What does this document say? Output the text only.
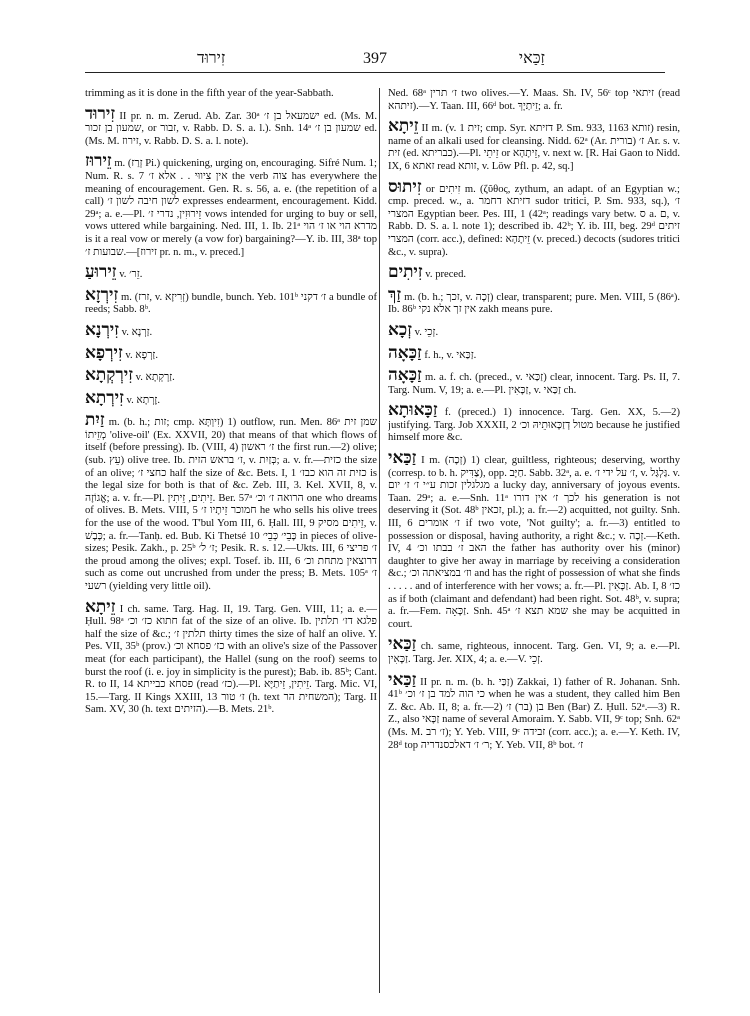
זִירוּד	397	זַכַּאי
trimming as it is done in the fifth year of the year-Sabbath.
זִירוּד II pr. n. m. Zerud. Ab. Zar. 30ᵃ ישמעאל בן ז׳ ed. (Ms. M. שמעון בן זכור, or זבור, v. Rabb. D. S. a. l.). Snh. 14ᵃ שמעון בן ז׳ ed. (Ms. M. זירוז, v. Rabb. D. S. a. l. note).
זֵירוּז m. (זְרַז Pi.) quickening, urging on, encouraging. Sifré Num. 1; Num. R. s. 7 אין צִיווּי . . אלא ז׳ the verb צוה has everywhere the meaning of encouragement. Gen. R. s. 56, a. e. (the repetition of a call) לשון חיבה לשון ז׳ expresses endearment, encouragement. Kidd. 29ᵃ; a. e.—Pl. זֵירוּזִין, נדרי ז׳ vows intended for urging to buy or sell, vows uttered while bargaining. Ned. III, 1. Ib. 21ᵃ מדרא הוי או ז׳ הוי is it a real vow or merely (a vow for) bargaining?—Y. ib. III, 38ᵃ top שבועות ז׳.—[זירוז pr. n. m., v. preced.]
זֵירוּעַ v. זֵר׳.
זִירְזָא m. (זרז, v. זְרִיזָא) bundle, bunch. Yeb. 101ᵇ ז׳ דקני a bundle of reeds; Sabb. 8ᵇ.
זִירְנָא v. זַרְנָא.
זִירְפָא v. זַרְפָא.
זִירְקְתָא v. זַרְקְתָא.
זִירְתָא v. זֶרְתָא.
זַיִת m. (b. h.; זות; cmp. זִיוְתָּא) 1) outflow, run. Men. 86ᵃ שמן זית מְזֵיתוֹ 'olive-oil' (Ex. XXVII, 20) that means of that which flows of itself (before pressing). Ib. (VIII, 4) ז׳ ראשון the first run.—2) olive; (sub. עֵץ) olive tree. Ib. ז׳ בראש הזית, v. כְּזַיִת; a. v. fr.—כזית the size of an olive; כחצי ז׳ half the size of &c. Bets. I, 1 כזית זה הוא כבז׳ is the legal size for both is that of &c. Zeb. III, 3. Kel. XVII, 8, v. אֱגוֹזָה; a. v. fr.—Pl. זֵיתִים, זֵיתִין. Ber. 57ᵃ הרואה ז׳ וכ׳ one who dreams of olives. B. Mets. VIII, 5 חמוכר זֵיתָיו ז׳ he who sells his olive trees for the use of the wood. T'bul Yom III, 6. Ḥall. III, 9 זֵיתִים מסיק, v. כָּבָשׁ; a. fr.—Tanḥ. ed. Bub. Ki Thetsé 10 כָּבֵי׳ כְּבֵי׳ in pieces of olive-sizes; Pesik. Zakh., p. 25ᵇ ז׳ ל׳; Pesik. R. s. 12.—Ukts. III, 6 ז׳ פריצי the proud among the olives; expl. Tosef. ib. III, 6 דרוצאין מתחת וכ׳ such as come out uncrushed from under the press; B. Mets. 105ᵃ ז׳ רשעי (yielding very little oil).
זֵיתָא I ch. same. Targ. Hag. II, 19. Targ. Gen. VIII, 11; a. e.—Ḥull. 98ᵃ חתוא כז׳ וכ׳ fat of the size of an olive. Ib. פלגא דז׳ תלתין half the size of &c.; תלתין ז׳ thirty times the size of half an olive. Y. Pes. VII, 35ᵇ (prov.) כז׳ פסחא וכ׳ with an olive's size of the Passover meat (for each participant), the Hallel (sung on the roof) seems to burst the roof (i. e. joy in simplicity is the purest); Bab. ib. 85ᵇ; Cant. R. to II, 14 פסחא כבייתא (read כז׳).—Pl. זֵיתִין, זֵיתַיָּא. Targ. Mic. VI, 15.—Targ. II Kings XXIII, 13 ז׳ טור (h. text המשחית הר); Targ. II Sam. XV, 30 (h. text הזיתים).—B. Mets. 21ᵇ.
Ned. 68ᵃ ז׳ תרין two olives.—Y. Maas. Sh. IV, 56ᶜ top זיתאי (read זיתהא).—Y. Taan. III, 66ᵈ bot. זֵיתַיָךְ; a. fr.
זֵיתָא II m. (v. זית 1; cmp. Syr. דזיתא P. Sm. 933, זותא 1163) resin, name of an alkali used for cleansing. Nidd. 62ᵃ (Ar. בורית) ז׳ Ar. s. v. זית (ed. כבריתא).—Pl. זֵיתֵי or זֵיתָהָא, v. next w. [R. Hai Gaon to Nidd. IX, 6 זאתא read זותא, v. Löw Pfl. p. 42, sq.]
זִיתוּס or זִיתִים m. (ζῦθος, zythum, an adapt. of an Egyptian w.; cmp. preced. w., a. דזיתא דחמר sudor tritici, P. Sm. 933, sq.), ז׳ המצרי Egyptian beer. Pes. III, 1 (42ᵃ; readings vary betw. ס a. ם, v. Rabb. D. S. a. l. note 1); described ib. 42ᵇ; Y. ib. III, beg. 29ᵈ זיתים המצרי (corr. acc.), defined: זֵיתָהָא (v. preced.) decocts (sudores tritici &c., v. supra).
זִיתִים v. preced.
זַךְ m. (b. h.; זכך, v. זְכָה) clear, transparent; pure. Men. VIII, 5 (86ᵃ). Ib. 86ᵇ אין זך אלא נקי zakh means pure.
זְכָא v. זְכֵי.
זַכָּאָה f. h., v. זַכַּאי.
זַכָּאָה m. a. f. ch. (preced., v. זַכַּאי) clear, innocent. Targ. Ps. II, 7. Targ. Num. V, 19; a. e.—Pl. זַכָּאִין, v. זַכַּאי ch.
זַכָּאוּתָא f. (preced.) 1) innocence. Targ. Gen. XX, 5.—2) justifying. Targ. Job XXXII, 2 מטול דְזַכָּאוּתֵיהּ וכ׳ because he justified himself more &c.
זַכַּאי I m. (זְכָה) 1) clear, guiltless, righteous; deserving, worthy (corresp. to b. h. צַדִּיק), opp. חַיָּב. Sabb. 32ᵃ, a. e. ז׳ על ידי ז׳, v. גַּלְגַּל. v. מגלגלין זכות ע״י ז׳ ז׳ יום a lucky day, anniversary of joyous events. Taan. 29ᵃ; a. e.—Snh. 11ᵃ לכך ז׳ אין דורו his generation is not deserving it (Sot. 48ᵇ זכאין, pl.); a. fr.—2) acquitted, not guilty. Snh. III, 6 ז׳ אומרים if two vote, 'Not guilty'; a. fr.—3) entitled to possession or disposal, having authority, a right &c.; v. זְכָה.—Keth. IV, 4 האב ז׳ בבתו וכ׳ the father has authority over his (minor) daughter to give her away in marriage by receiving a consideration &c.; וז׳ במציאתה וכ׳ and has the right of possession of what she finds . . . . . and of interference with her vows; a. fr.—Pl. זַכָּאִין. Ab. I, 8 כז׳ as if both (claimant and defendant) had been right. Sot. 48ᵇ, v. supra; a. fr.—Fem. זַכָּאָה. Snh. 45ᵃ שמא תצא ז׳ she may be acquitted in court.
זַכַּאי ch. same, righteous, innocent. Targ. Gen. VI, 9; a. e.—Pl. זַכָּאִין. Targ. Jer. XIX, 4; a. e.—V. זְכֵי.
זַכַּאי II pr. n. m. (b. h. זַכַּי) Zakkai, 1) father of R. Johanan. Snh. 41ᵇ כי הוה למד בן ז׳ וכ׳ when he was a student, they called him Ben Z. &c. Ab. II, 8; a. fr.—2) בן (בר) ז׳ Ben (Bar) Z. Ḥull. 52ᵃ.—3) R. Z., also זַכָּאי name of several Amoraim. Y. Sabb. VII, 9ᶜ top; Snh. 62ᵃ (Ms. M. ז׳ רב); Y. Yeb. VIII, 9ᶜ זבידה (corr. acc.); a. e.—Y. Keth. IV, 28ᵈ top ר׳ ז׳ דאלכסנדריה; Y. Yeb. VII, 8ᵇ bot. ז׳
